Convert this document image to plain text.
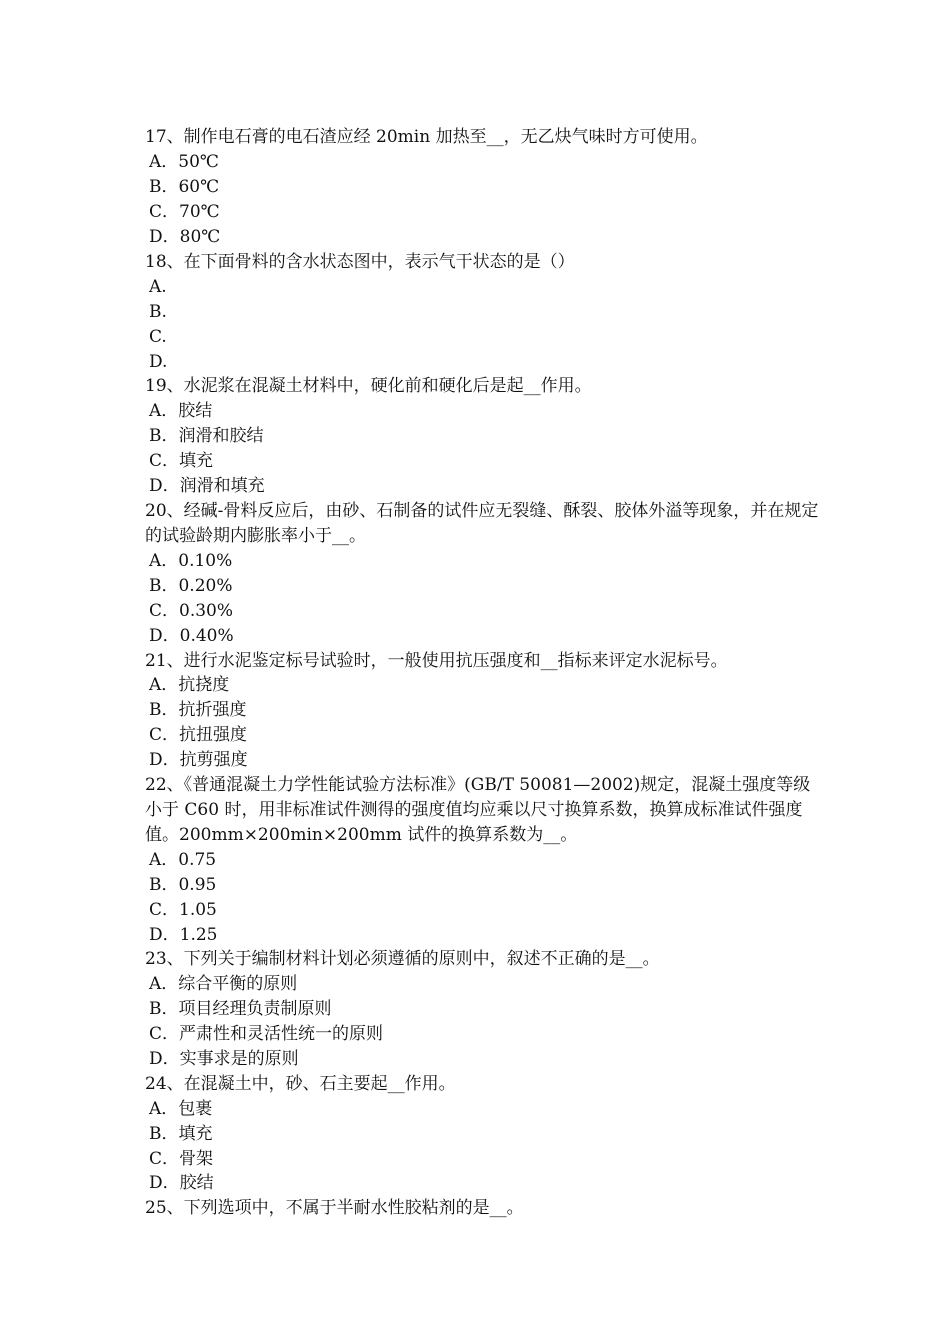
17、制作电石膏的电石渣应经 20min 加热至__，无乙炔气味时方可使用。
A．50℃
B．60℃
C．70℃
D．80℃
18、在下面骨料的含水状态图中，表示气干状态的是（）
A.
B.
C.
D.
19、水泥浆在混凝土材料中，硬化前和硬化后是起__作用。
A．胶结
B．润滑和胶结
C．填充
D．润滑和填充
20、经碱-骨料反应后，由砂、石制备的试件应无裂缝、酥裂、胶体外溢等现象，并在规定的试验龄期内膨胀率小于__。
A．0.10%
B．0.20%
C．0.30%
D．0.40%
21、进行水泥鉴定标号试验时，一般使用抗压强度和__指标来评定水泥标号。
A．抗挠度
B．抗折强度
C．抗扭强度
D．抗剪强度
22、《普通混凝土力学性能试验方法标准》(GB/T 50081—2002)规定，混凝土强度等级小于 C60 时，用非标准试件测得的强度值均应乘以尺寸换算系数，换算成标准试件强度值。200mm×200min×200mm 试件的换算系数为__。
A．0.75
B．0.95
C．1.05
D．1.25
23、下列关于编制材料计划必须遵循的原则中，叙述不正确的是__。
A．综合平衡的原则
B．项目经理负责制原则
C．严肃性和灵活性统一的原则
D．实事求是的原则
24、在混凝土中，砂、石主要起__作用。
A．包裹
B．填充
C．骨架
D．胶结
25、下列选项中，不属于半耐水性胶粘剂的是__。
